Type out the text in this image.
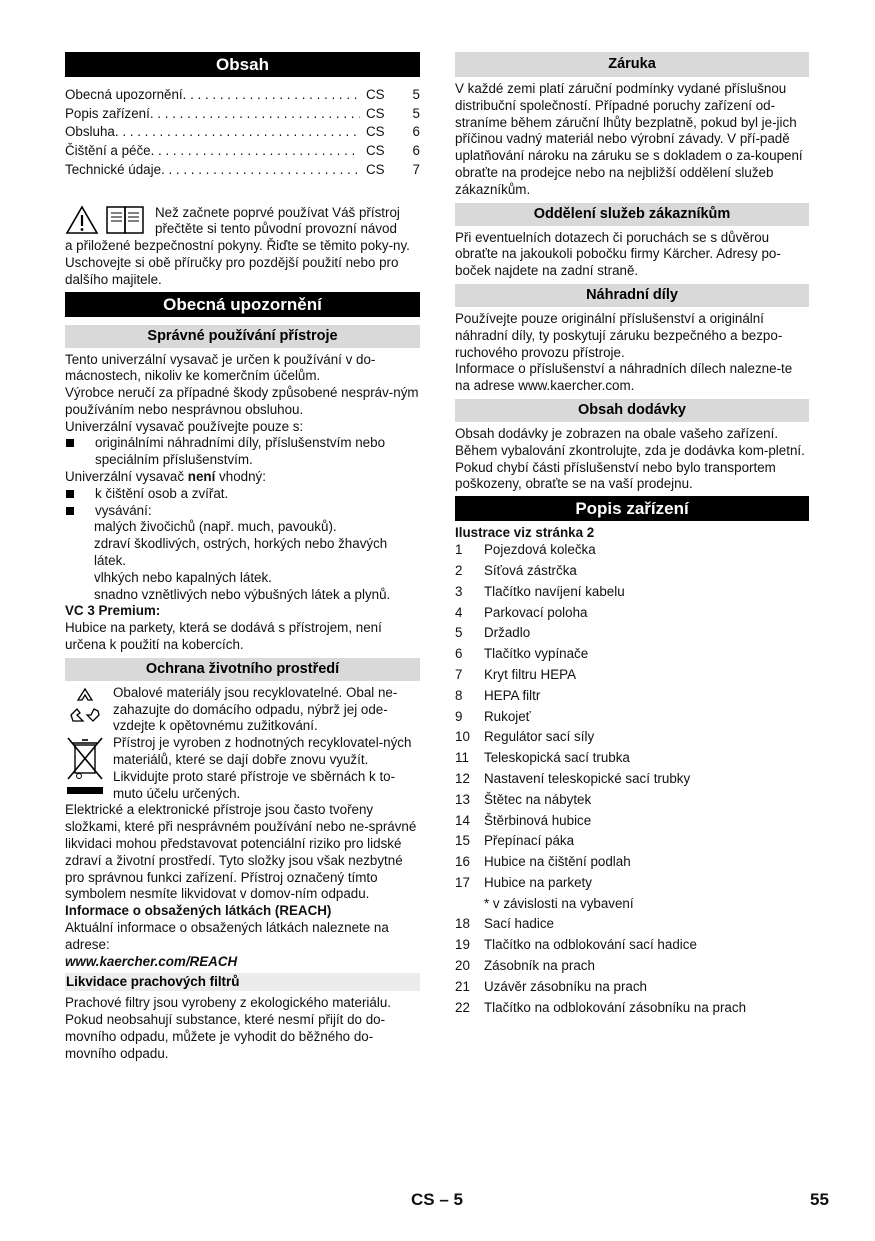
Obsah
Obecná upozornění . . .	CS	5
Popis zařízení . . .	CS	5
Obsluha . . .	CS	6
Čištění a péče . . .	CS	6
Technické údaje . . .	CS	7

Než začnete poprvé používat Váš přístroj

přečtěte si tento původní provozní návod

a přiložené bezpečnostní pokyny. Řiďte se těmito poky-ny. Uschovejte si obě příručky pro pozdější použití nebo pro dalšího majitele.

Obecná upozornění
Správné používání přístroje

Tento univerzální vysavač je určen k používání v do-mácnostech, nikoliv ke komerčním účelům.

Výrobce neručí za případné škody způsobené nespráv-ným používáním nebo nesprávnou obsluhou.

Univerzální vysavač používejte pouze s:

originálními náhradními díly, příslušenstvím nebo speciálním příslušenstvím.

Univerzální vysavač není vhodný:

k čištění osob a zvířat.
vysávání:
malých živočichů (např. much, pavouků).
zdraví škodlivých, ostrých, horkých nebo žhavých látek.
vlhkých nebo kapalných látek.
snadno vznětlivých nebo výbušných látek a plynů.

VC 3 Premium:

Hubice na parkety, která se dodává s přístrojem, není určena k použití na kobercích.

Ochrana životního prostředí

Obalové materiály jsou recyklovatelné. Obal ne-zahazujte do domácího odpadu, nýbrž jej ode-vzdejte k opětovnému zužitkování.

Přístroj je vyroben z hodnotných recyklovatel-ných materiálů, které se dají dobře znovu využít. Likvidujte proto staré přístroje ve sběrnách k to-muto účelu určených.

Elektrické a elektronické přístroje jsou často tvořeny složkami, které při nesprávném používání nebo ne-správné likvidaci mohou představovat potenciální riziko pro lidské zdraví a životní prostředí. Tyto složky jsou však nezbytné pro správnou funkci zařízení. Přístroj označený tímto symbolem nesmíte likvidovat v domov-ním odpadu.

Informace o obsažených látkách (REACH)

Aktuální informace o obsažených látkách naleznete na adrese:

www.kaercher.com/REACH

Likvidace prachových filtrů

Prachové filtry jsou vyrobeny z ekologického materiálu. Pokud neobsahují substance, které nesmí přijít do do-movního odpadu, můžete je vyhodit do běžného do-movního odpadu.

Záruka

V každé zemi platí záruční podmínky vydané příslušnou distribuční společností. Případné poruchy zařízení od-straníme během záruční lhůty bezplatně, pokud byl je-jich příčinou vadný materiál nebo výrobní závady. V pří-padě uplatňování nároku na záruku se s dokladem o za-koupení obraťte na prodejce nebo na nejbližší oddělení služeb zákazníkům.

Oddělení služeb zákazníkům

Při eventuelních dotazech či poruchách se s důvěrou obraťte na jakoukoli pobočku firmy Kärcher. Adresy po-boček najdete na zadní straně.

Náhradní díly

Používejte pouze originální příslušenství a originální náhradní díly, ty poskytují záruku bezpečného a bezpo-ruchového provozu přístroje.

Informace o příslušenství a náhradních dílech nalezne-te na adrese www.kaercher.com.

Obsah dodávky

Obsah dodávky je zobrazen na obale vašeho zařízení. Během vybalování zkontrolujte, zda je dodávka kom-pletní.

Pokud chybí části příslušenství nebo bylo transportem poškozeny, obraťte se na vaší prodejnu.

Popis zařízení

Ilustrace viz stránka 2

1	Pojezdová kolečka
2	Síťová zástrčka
3	Tlačítko navíjení kabelu
4	Parkovací poloha
5	Držadlo
6	Tlačítko vypínače
7	Kryt filtru HEPA
8	HEPA filtr
9	Rukojeť
10	Regulátor sací síly
11	Teleskopická sací trubka
12	Nastavení teleskopické sací trubky
13	Štětec na nábytek
14	Štěrbinová hubice
15	Přepínací páka
16	Hubice na čištění podlah
17	Hubice na parkety
* v závislosti na vybavení
18	Sací hadice
19	Tlačítko na odblokování sací hadice
20	Zásobník na prach
21	Uzávěr zásobníku na prach
22	Tlačítko na odblokování zásobníku na prach
CS – 5	55
